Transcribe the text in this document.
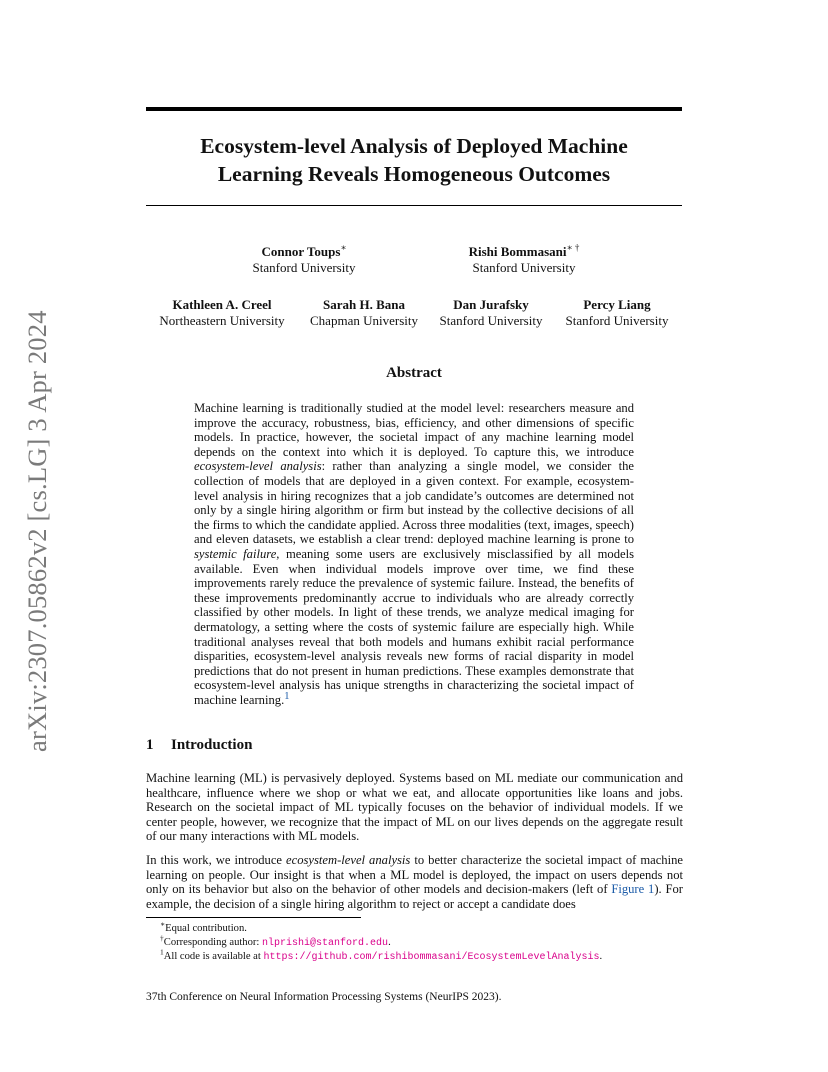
arXiv:2307.05862v2 [cs.LG] 3 Apr 2024
Ecosystem-level Analysis of Deployed Machine
Learning Reveals Homogeneous Outcomes
Connor Toups∗
Stanford University
Rishi Bommasani∗ †
Stanford University
Kathleen A. Creel
Northeastern University
Sarah H. Bana
Chapman University
Dan Jurafsky
Stanford University
Percy Liang
Stanford University
Abstract

Machine learning is traditionally studied at the model level: researchers measure and improve the accuracy, robustness, bias, efficiency, and other dimensions of specific models. In practice, however, the societal impact of any machine learning model depends on the context into which it is deployed. To capture this, we introduce ecosystem-level analysis: rather than analyzing a single model, we consider the collection of models that are deployed in a given context. For example, ecosystem-level analysis in hiring recognizes that a job candidate’s outcomes are determined not only by a single hiring algorithm or firm but instead by the collective decisions of all the firms to which the candidate applied. Across three modalities (text, images, speech) and eleven datasets, we establish a clear trend: deployed machine learning is prone to systemic failure, meaning some users are exclusively misclassified by all models available. Even when individual models improve over time, we find these improvements rarely reduce the prevalence of systemic failure. Instead, the benefits of these improvements predominantly accrue to individuals who are already correctly classified by other models. In light of these trends, we analyze medical imaging for dermatology, a setting where the costs of systemic failure are especially high. While traditional analyses reveal that both models and humans exhibit racial performance disparities, ecosystem-level analysis reveals new forms of racial disparity in model predictions that do not present in human predictions. These examples demonstrate that ecosystem-level analysis has unique strengths in characterizing the societal impact of machine learning.$^1$

1 Introduction

Machine learning (ML) is pervasively deployed. Systems based on ML mediate our communication and healthcare, influence where we shop or what we eat, and allocate opportunities like loans and jobs. Research on the societal impact of ML typically focuses on the behavior of individual models. If we center people, however, we recognize that the impact of ML on our lives depends on the aggregate result of our many interactions with ML models.

In this work, we introduce ecosystem-level analysis to better characterize the societal impact of machine learning on people. Our insight is that when a ML model is deployed, the impact on users depends not only on its behavior but also on the behavior of other models and decision-makers (left of Figure 1). For example, the decision of a single hiring algorithm to reject or accept a candidate does

∗Equal contribution.
†Corresponding author: nlprishi@stanford.edu.
$^1$All code is available at https://github.com/rishibommasani/EcosystemLevelAnalysis.
37th Conference on Neural Information Processing Systems (NeurIPS 2023).
